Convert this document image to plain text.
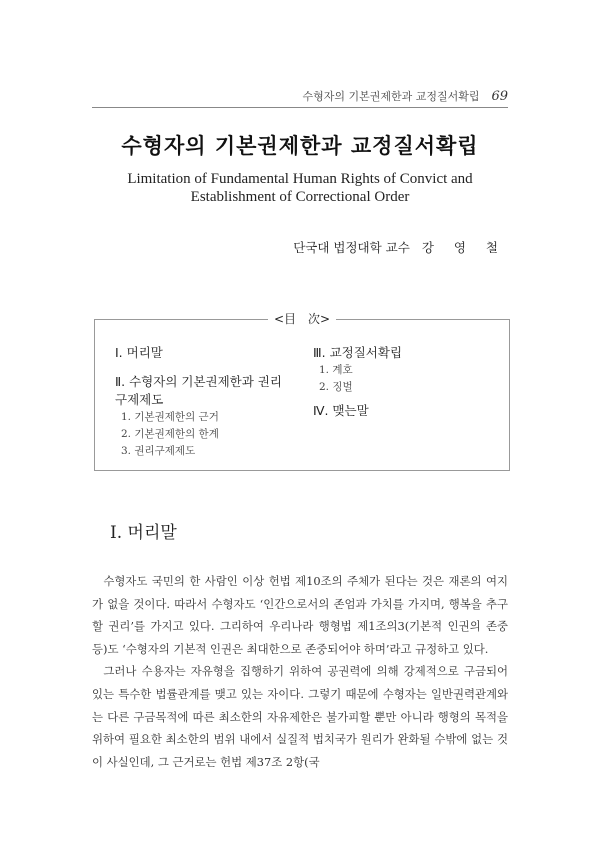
수형자의 기본권제한과 교정질서확립 69
수형자의 기본권제한과 교정질서확립
Limitation of Fundamental Human Rights of Convict and
Establishment of Correctional Order
단국대 법정대학 교수 강 영 철
<目　次>
Ⅰ. 머리말
Ⅱ. 수형자의 기본권제한과 권리 구제제도
1. 기본권제한의 근거
2. 기본권제한의 한계
3. 권리구제제도
Ⅲ. 교정질서확립
1. 계호
2. 징벌
Ⅳ. 맺는말
Ⅰ. 머리말

수형자도 국민의 한 사람인 이상 헌법 제10조의 주체가 된다는 것은 재론의 여지가 없을 것이다. 따라서 수형자도 ‘인간으로서의 존엄과 가치를 가지며, 행복을 추구할 권리’를 가지고 있다. 그리하여 우리나라 행형법 제1조의3(기본적 인권의 존중 등)도 ‘수형자의 기본적 인권은 최대한으로 존중되어야 하며’라고 규정하고 있다.

그러나 수용자는 자유형을 집행하기 위하여 공권력에 의해 강제적으로 구금되어 있는 특수한 법률관계를 맺고 있는 자이다. 그렇기 때문에 수형자는 일반권력관계와는 다른 구금목적에 따른 최소한의 자유제한은 불가피할 뿐만 아니라 행형의 목적을 위하여 필요한 최소한의 범위 내에서 실질적 법치국가 원리가 완화될 수밖에 없는 것이 사실인데, 그 근거로는 헌법 제37조 2항(국
